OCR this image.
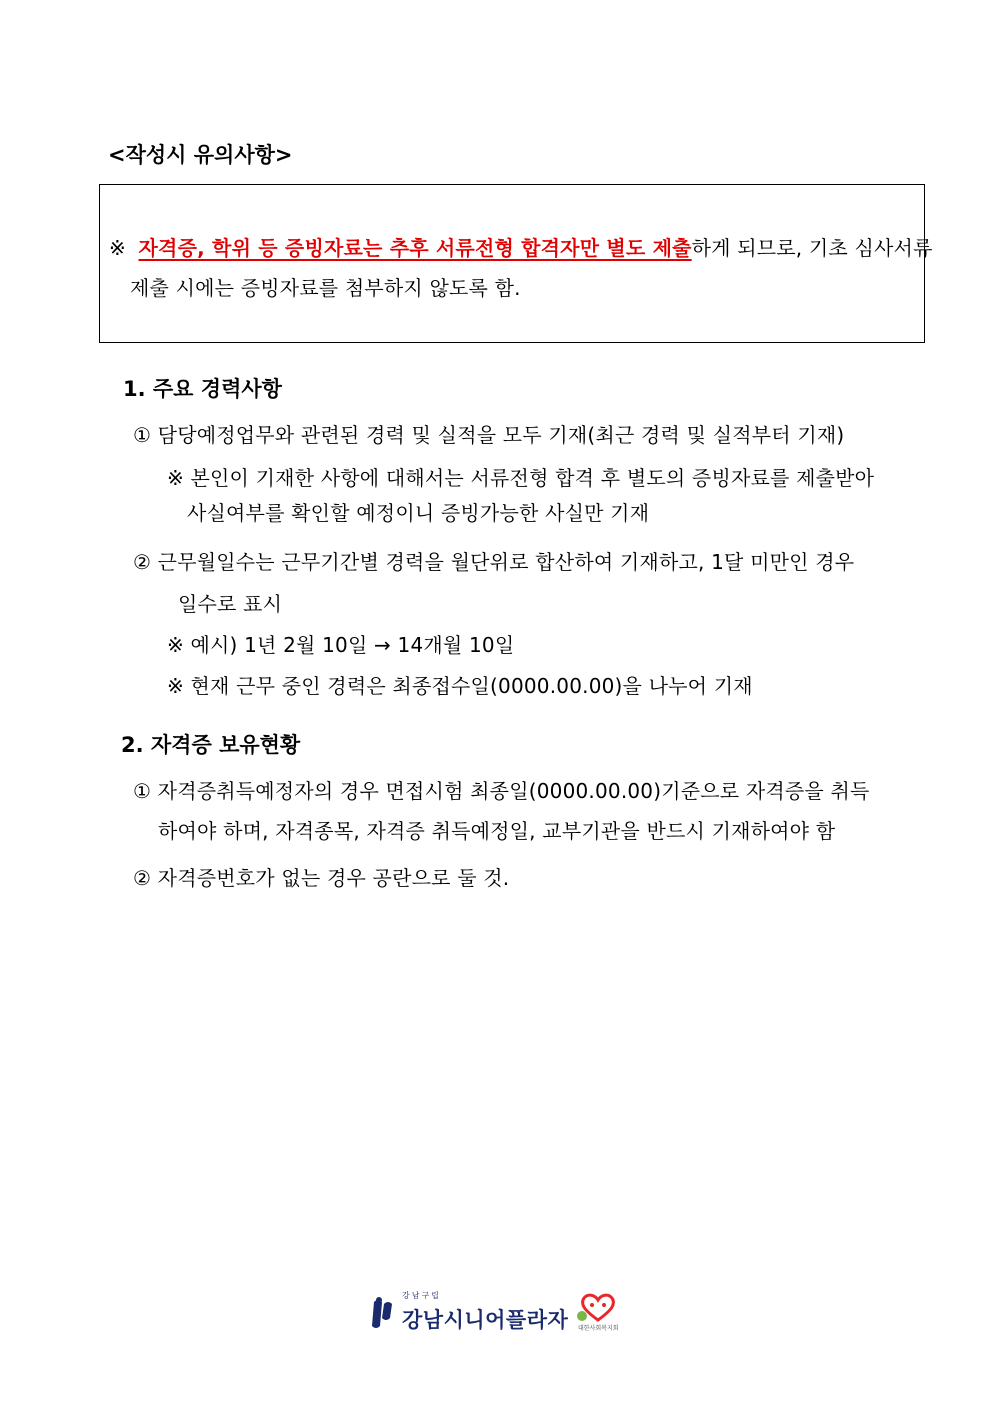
<작성시 유의사항>
※ 자격증, 학위 등 증빙자료는 추후 서류전형 합격자만 별도 제출하게 되므로, 기초 심사서류
제출 시에는 증빙자료를 첨부하지 않도록 함.
1. 주요 경력사항
① 담당예정업무와 관련된 경력 및 실적을 모두 기재(최근 경력 및 실적부터 기재)
※ 본인이 기재한 사항에 대해서는 서류전형 합격 후 별도의 증빙자료를 제출받아
사실여부를 확인할 예정이니 증빙가능한 사실만 기재
② 근무월일수는 근무기간별 경력을 월단위로 합산하여 기재하고, 1달 미만인 경우
일수로 표시
※ 예시) 1년 2월 10일 → 14개월 10일
※ 현재 근무 중인 경력은 최종접수일(0000.00.00)을 나누어 기재
2. 자격증 보유현황
① 자격증취득예정자의 경우 면접시험 최종일(0000.00.00)기준으로 자격증을 취득
하여야 하며, 자격종목, 자격증 취득예정일, 교부기관을 반드시 기재하여야 함
② 자격증번호가 없는 경우 공란으로 둘 것.
강남구립
강남시니어플라자 대한사회복지회
